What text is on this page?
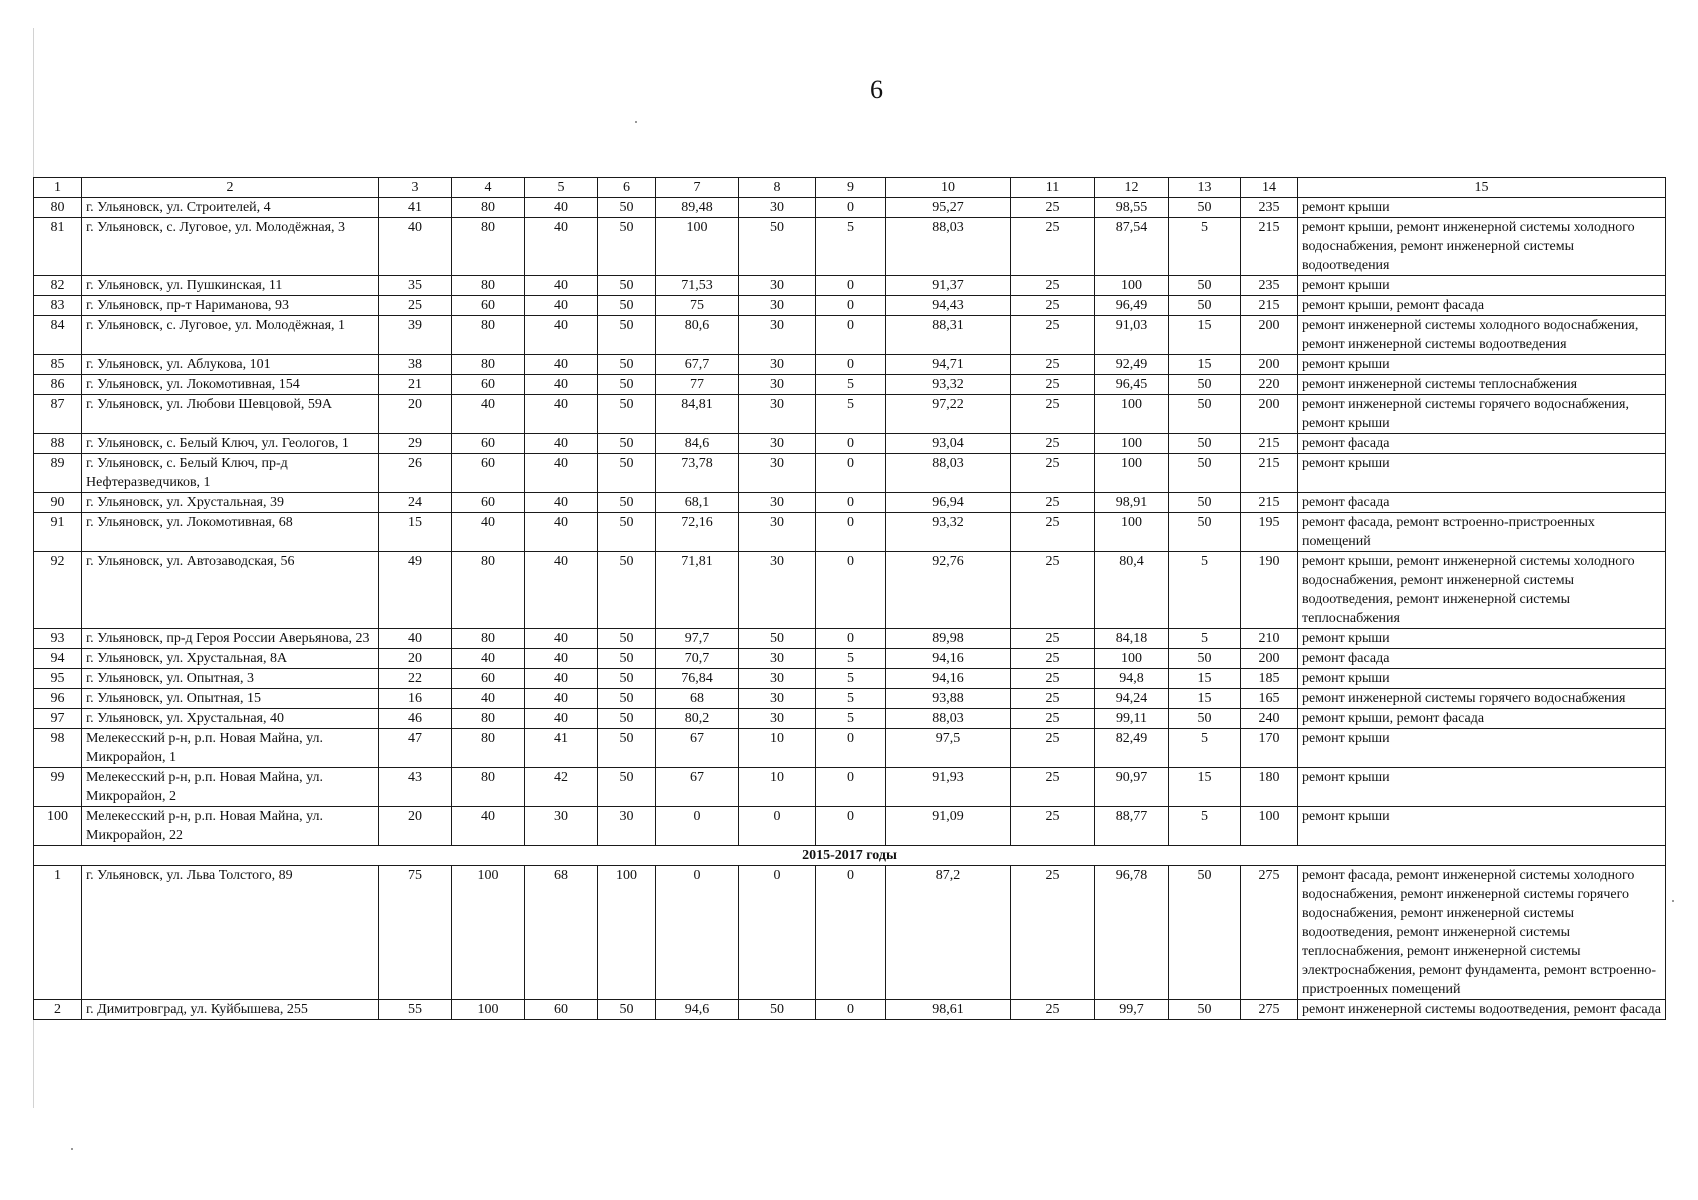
6
1	2	3	4	5	6	7	8	9	10	11	12	13	14	15
80	г. Ульяновск, ул. Строителей, 4	41	80	40	50	89,48	30	0	95,27	25	98,55	50	235	ремонт крыши
81	г. Ульяновск, с. Луговое, ул. Молодёжная, 3	40	80	40	50	100	50	5	88,03	25	87,54	5	215	ремонт крыши, ремонт инженерной системы холодного водоснабжения, ремонт инженерной системы водоотведения
82	г. Ульяновск, ул. Пушкинская, 11	35	80	40	50	71,53	30	0	91,37	25	100	50	235	ремонт крыши
83	г. Ульяновск, пр-т Нариманова, 93	25	60	40	50	75	30	0	94,43	25	96,49	50	215	ремонт крыши, ремонт фасада
84	г. Ульяновск, с. Луговое, ул. Молодёжная, 1	39	80	40	50	80,6	30	0	88,31	25	91,03	15	200	ремонт инженерной системы холодного водоснабжения, ремонт инженерной системы водоотведения
85	г. Ульяновск, ул. Аблукова, 101	38	80	40	50	67,7	30	0	94,71	25	92,49	15	200	ремонт крыши
86	г. Ульяновск, ул. Локомотивная, 154	21	60	40	50	77	30	5	93,32	25	96,45	50	220	ремонт инженерной системы теплоснабжения
87	г. Ульяновск, ул. Любови Шевцовой, 59А	20	40	40	50	84,81	30	5	97,22	25	100	50	200	ремонт инженерной системы горячего водоснабжения, ремонт крыши
88	г. Ульяновск, с. Белый Ключ, ул. Геологов, 1	29	60	40	50	84,6	30	0	93,04	25	100	50	215	ремонт фасада
89	г. Ульяновск, с. Белый Ключ, пр-д Нефтеразведчиков, 1	26	60	40	50	73,78	30	0	88,03	25	100	50	215	ремонт крыши
90	г. Ульяновск, ул. Хрустальная, 39	24	60	40	50	68,1	30	0	96,94	25	98,91	50	215	ремонт фасада
91	г. Ульяновск, ул. Локомотивная, 68	15	40	40	50	72,16	30	0	93,32	25	100	50	195	ремонт фасада, ремонт встроенно-пристроенных помещений
92	г. Ульяновск, ул. Автозаводская, 56	49	80	40	50	71,81	30	0	92,76	25	80,4	5	190	ремонт крыши, ремонт инженерной системы холодного водоснабжения, ремонт инженерной системы водоотведения, ремонт инженерной системы теплоснабжения
93	г. Ульяновск, пр-д Героя России Аверьянова, 23	40	80	40	50	97,7	50	0	89,98	25	84,18	5	210	ремонт крыши
94	г. Ульяновск, ул. Хрустальная, 8А	20	40	40	50	70,7	30	5	94,16	25	100	50	200	ремонт фасада
95	г. Ульяновск, ул. Опытная, 3	22	60	40	50	76,84	30	5	94,16	25	94,8	15	185	ремонт крыши
96	г. Ульяновск, ул. Опытная, 15	16	40	40	50	68	30	5	93,88	25	94,24	15	165	ремонт инженерной системы горячего водоснабжения
97	г. Ульяновск, ул. Хрустальная, 40	46	80	40	50	80,2	30	5	88,03	25	99,11	50	240	ремонт крыши, ремонт фасада
98	Мелекесский р-н, р.п. Новая Майна, ул. Микрорайон, 1	47	80	41	50	67	10	0	97,5	25	82,49	5	170	ремонт крыши
99	Мелекесский р-н, р.п. Новая Майна, ул. Микрорайон, 2	43	80	42	50	67	10	0	91,93	25	90,97	15	180	ремонт крыши
100	Мелекесский р-н, р.п. Новая Майна, ул. Микрорайон, 22	20	40	30	30	0	0	0	91,09	25	88,77	5	100	ремонт крыши
2015-2017 годы														
1	г. Ульяновск, ул. Льва Толстого, 89	75	100	68	100	0	0	0	87,2	25	96,78	50	275	ремонт фасада, ремонт инженерной системы холодного водоснабжения, ремонт инженерной системы горячего водоснабжения, ремонт инженерной системы водоотведения, ремонт инженерной системы теплоснабжения, ремонт инженерной системы электроснабжения, ремонт фундамента, ремонт встроенно-пристроенных помещений
2	г. Димитровград, ул. Куйбышева, 255	55	100	60	50	94,6	50	0	98,61	25	99,7	50	275	ремонт инженерной системы водоотведения, ремонт фасада
